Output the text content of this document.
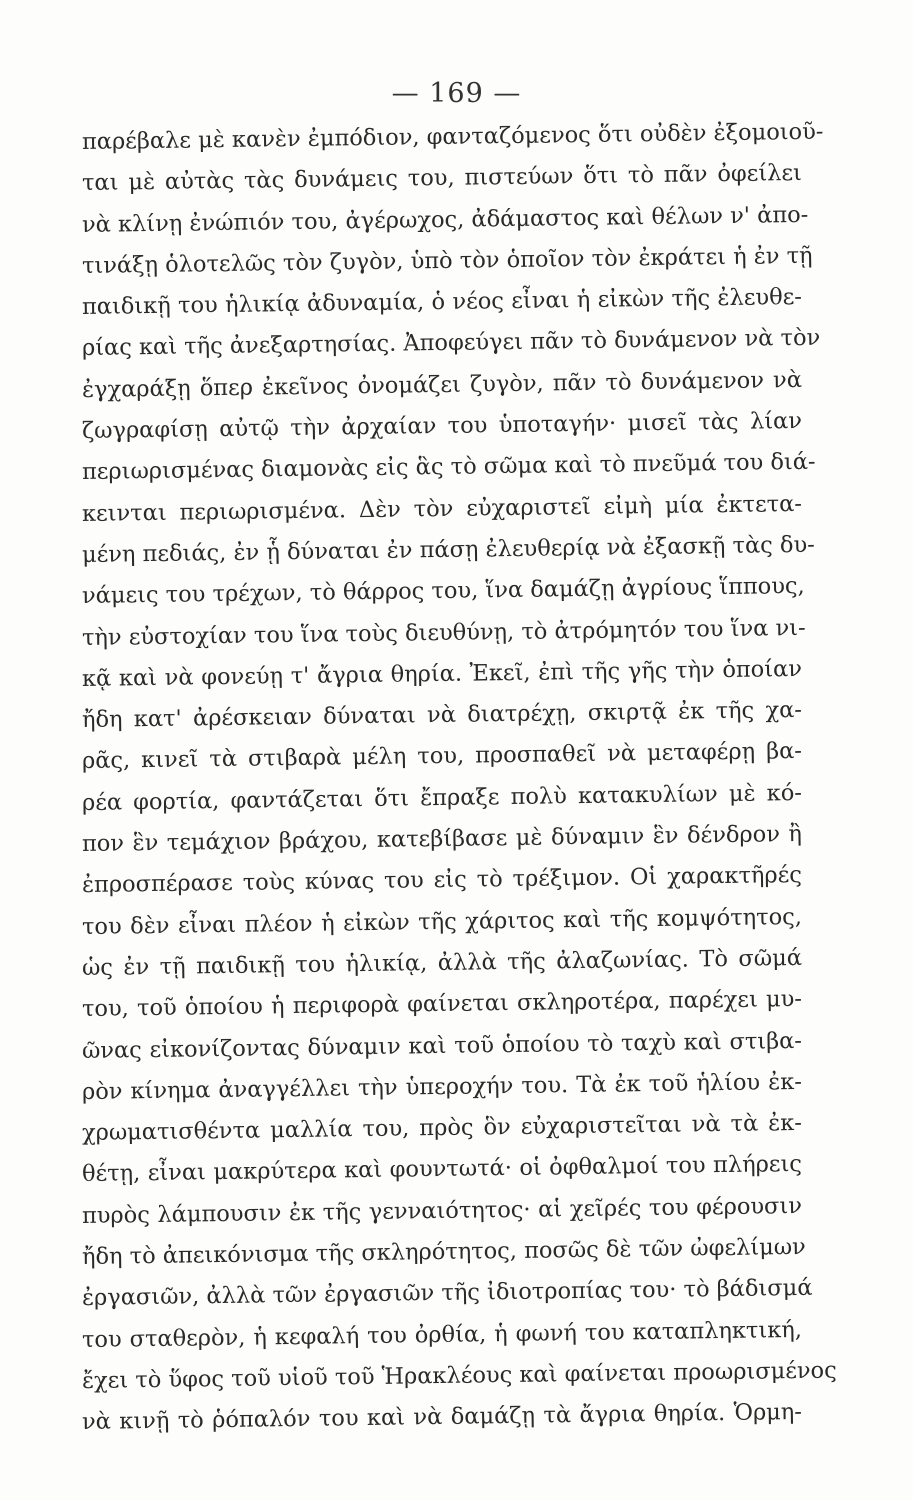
— 169 —
παρέβαλε μὲ κανὲν ἐμπόδιον, φανταζόμενος ὅτι οὐδὲν ἐξομοιοῦ-
ται μὲ αὐτὰς τὰς δυνάμεις του, πιστεύων ὅτι τὸ πᾶν ὀφείλει
νὰ κλίνῃ ἐνώπιόν του, ἀγέρωχος, ἀδάμαστος καὶ θέλων ν' ἀπο-
τινάξῃ ὁλοτελῶς τὸν ζυγὸν, ὑπὸ τὸν ὁποῖον τὸν ἐκράτει ἡ ἐν τῇ
παιδικῇ του ἡλικίᾳ ἀδυναμία, ὁ νέος εἶναι ἡ εἰκὼν τῆς ἐλευθε-
ρίας καὶ τῆς ἀνεξαρτησίας. Ἀποφεύγει πᾶν τὸ δυνάμενον νὰ τὸν
ἐγχαράξῃ ὅπερ ἐκεῖνος ὀνομάζει ζυγὸν, πᾶν τὸ δυνάμενον νὰ
ζωγραφίσῃ αὐτῷ τὴν ἀρχαίαν του ὑποταγήν· μισεῖ τὰς λίαν
περιωρισμένας διαμονὰς εἰς ἃς τὸ σῶμα καὶ τὸ πνεῦμά του διά-
κεινται περιωρισμένα. Δὲν τὸν εὐχαριστεῖ εἰμὴ μία ἐκτετα-
μένη πεδιάς, ἐν ᾗ δύναται ἐν πάσῃ ἐλευθερίᾳ νὰ ἐξασκῇ τὰς δυ-
νάμεις του τρέχων, τὸ θάρρος του, ἵνα δαμάζῃ ἀγρίους ἵππους,
τὴν εὐστοχίαν του ἵνα τοὺς διευθύνῃ, τὸ ἀτρόμητόν του ἵνα νι-
κᾷ καὶ νὰ φονεύῃ τ' ἄγρια θηρία. Ἐκεῖ, ἐπὶ τῆς γῆς τὴν ὁποίαν
ἤδη κατ' ἀρέσκειαν δύναται νὰ διατρέχῃ, σκιρτᾷ ἐκ τῆς χα-
ρᾶς, κινεῖ τὰ στιβαρὰ μέλη του, προσπαθεῖ νὰ μεταφέρῃ βα-
ρέα φορτία, φαντάζεται ὅτι ἔπραξε πολὺ κατακυλίων μὲ κό-
πον ἓν τεμάχιον βράχου, κατεβίβασε μὲ δύναμιν ἓν δένδρον ἢ
ἐπροσπέρασε τοὺς κύνας του εἰς τὸ τρέξιμον. Οἱ χαρακτῆρές
του δὲν εἶναι πλέον ἡ εἰκὼν τῆς χάριτος καὶ τῆς κομψότητος,
ὡς ἐν τῇ παιδικῇ του ἡλικίᾳ, ἀλλὰ τῆς ἀλαζωνίας. Τὸ σῶμά
του, τοῦ ὁποίου ἡ περιφορὰ φαίνεται σκληροτέρα, παρέχει μυ-
ῶνας εἰκονίζοντας δύναμιν καὶ τοῦ ὁποίου τὸ ταχὺ καὶ στιβα-
ρὸν κίνημα ἀναγγέλλει τὴν ὑπεροχήν του. Τὰ ἐκ τοῦ ἡλίου ἐκ-
χρωματισθέντα μαλλία του, πρὸς ὃν εὐχαριστεῖται νὰ τὰ ἐκ-
θέτῃ, εἶναι μακρύτερα καὶ φουντωτά· οἱ ὀφθαλμοί του πλήρεις
πυρὸς λάμπουσιν ἐκ τῆς γενναιότητος· αἱ χεῖρές του φέρουσιν
ἤδη τὸ ἀπεικόνισμα τῆς σκληρότητος, ποσῶς δὲ τῶν ὠφελίμων
ἐργασιῶν, ἀλλὰ τῶν ἐργασιῶν τῆς ἰδιοτροπίας του· τὸ βάδισμά
του σταθερὸν, ἡ κεφαλή του ὀρθία, ἡ φωνή του καταπληκτική,
ἔχει τὸ ὕφος τοῦ υἱοῦ τοῦ Ἡρακλέους καὶ φαίνεται προωρισμένος
νὰ κινῇ τὸ ῥόπαλόν του καὶ νὰ δαμάζῃ τὰ ἄγρια θηρία. Ὁρμη-
